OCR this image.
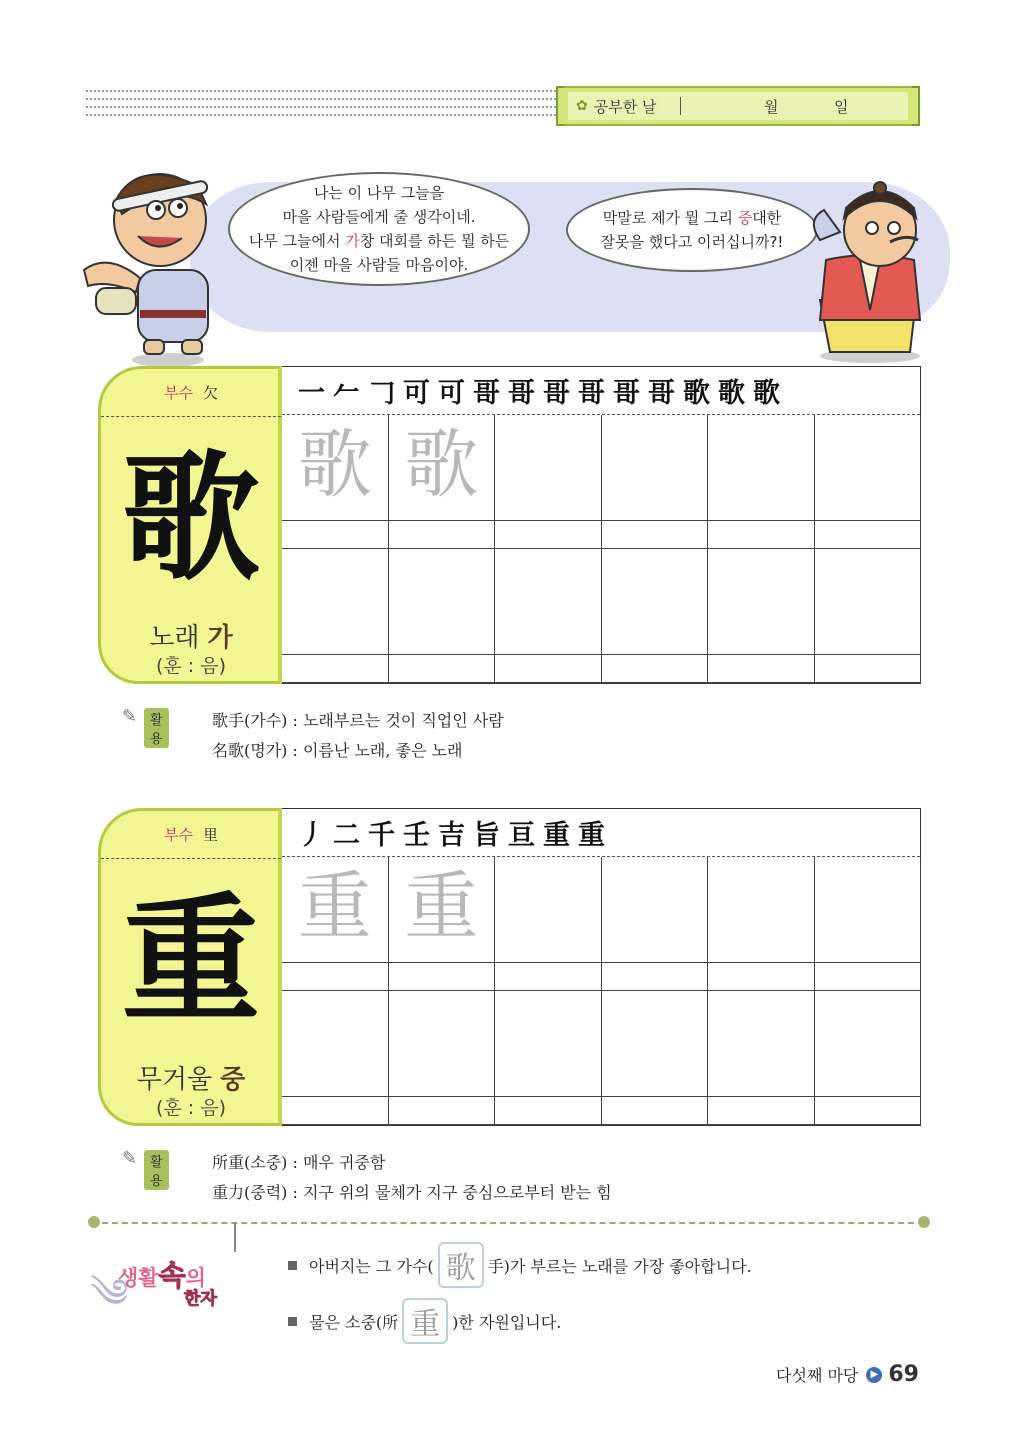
✿ 공부한 날	월	일
나는 이 나무 그늘을
마을 사람들에게 줄 생각이네.
나무 그늘에서 가창 대회를 하든 뭘 하든
이젠 마을 사람들 마음이야.
막말로 제가 뭘 그리 중대한
잘못을 했다고 이러십니까?!
부수 欠
歌
노래 가
(훈 : 음)
一 𠂉 𠃌 可 可 哥 哥 哥 哥 哥 哥 歌 歌 歌
歌 歌
✎ 활용
歌手(가수) : 노래부르는 것이 직업인 사람
名歌(명가) : 이름난 노래, 좋은 노래
부수 里
重
무거울 중
(훈 : 음)
丿 二 千 壬 吉 旨 亘 重 重
重 重
✎ 활용
所重(소중) : 매우 귀중함
重力(중력) : 지구 위의 물체가 지구 중심으로부터 받는 힘
༄
생활속의
한자
아버지는 그 가수( 歌 手)가 부르는 노래를 가장 좋아합니다.
물은 소중(所 重 )한 자원입니다.
다섯째 마당	▶ 69
